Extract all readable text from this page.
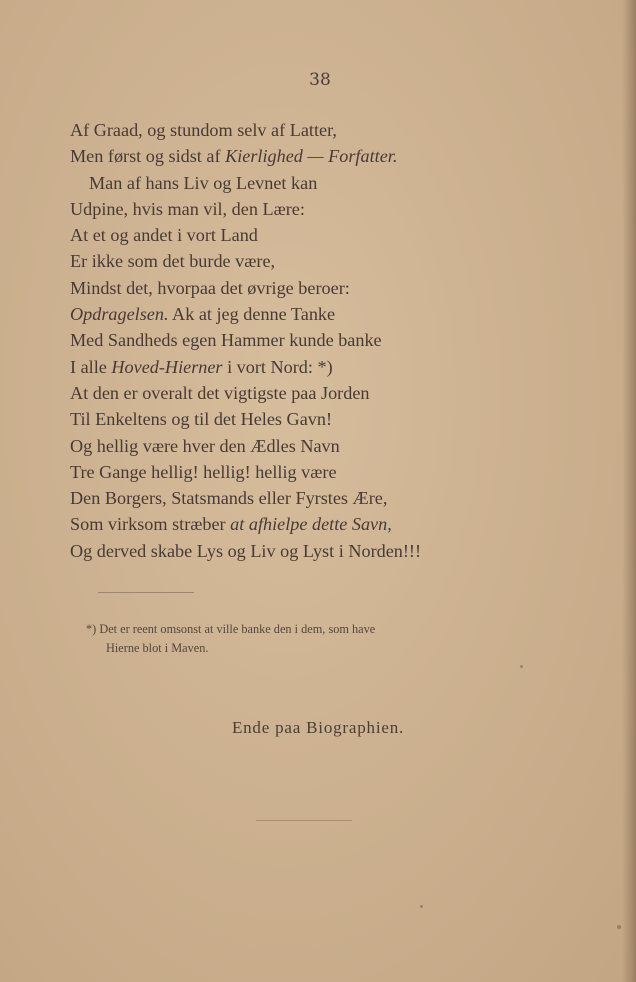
38
Af Graad, og stundom selv af Latter,
Men først og sidst af Kierlighed — Forfatter.
Man af hans Liv og Levnet kan
Udpine, hvis man vil, den Lære:
At et og andet i vort Land
Er ikke som det burde være,
Mindst det, hvorpaa det øvrige beroer:
Opdragelsen. Ak at jeg denne Tanke
Med Sandheds egen Hammer kunde banke
I alle Hoved-Hierner i vort Nord: *)
At den er overalt det vigtigste paa Jorden
Til Enkeltens og til det Heles Gavn!
Og hellig være hver den Ædles Navn
Tre Gange hellig! hellig! hellig være
Den Borgers, Statsmands eller Fyrstes Ære,
Som virksom stræber at afhielpe dette Savn,
Og derved skabe Lys og Liv og Lyst i Norden!!!
*) Det er reent omsonst at ville banke den i dem, som have
Hierne blot i Maven.
Ende paa Biographien.
